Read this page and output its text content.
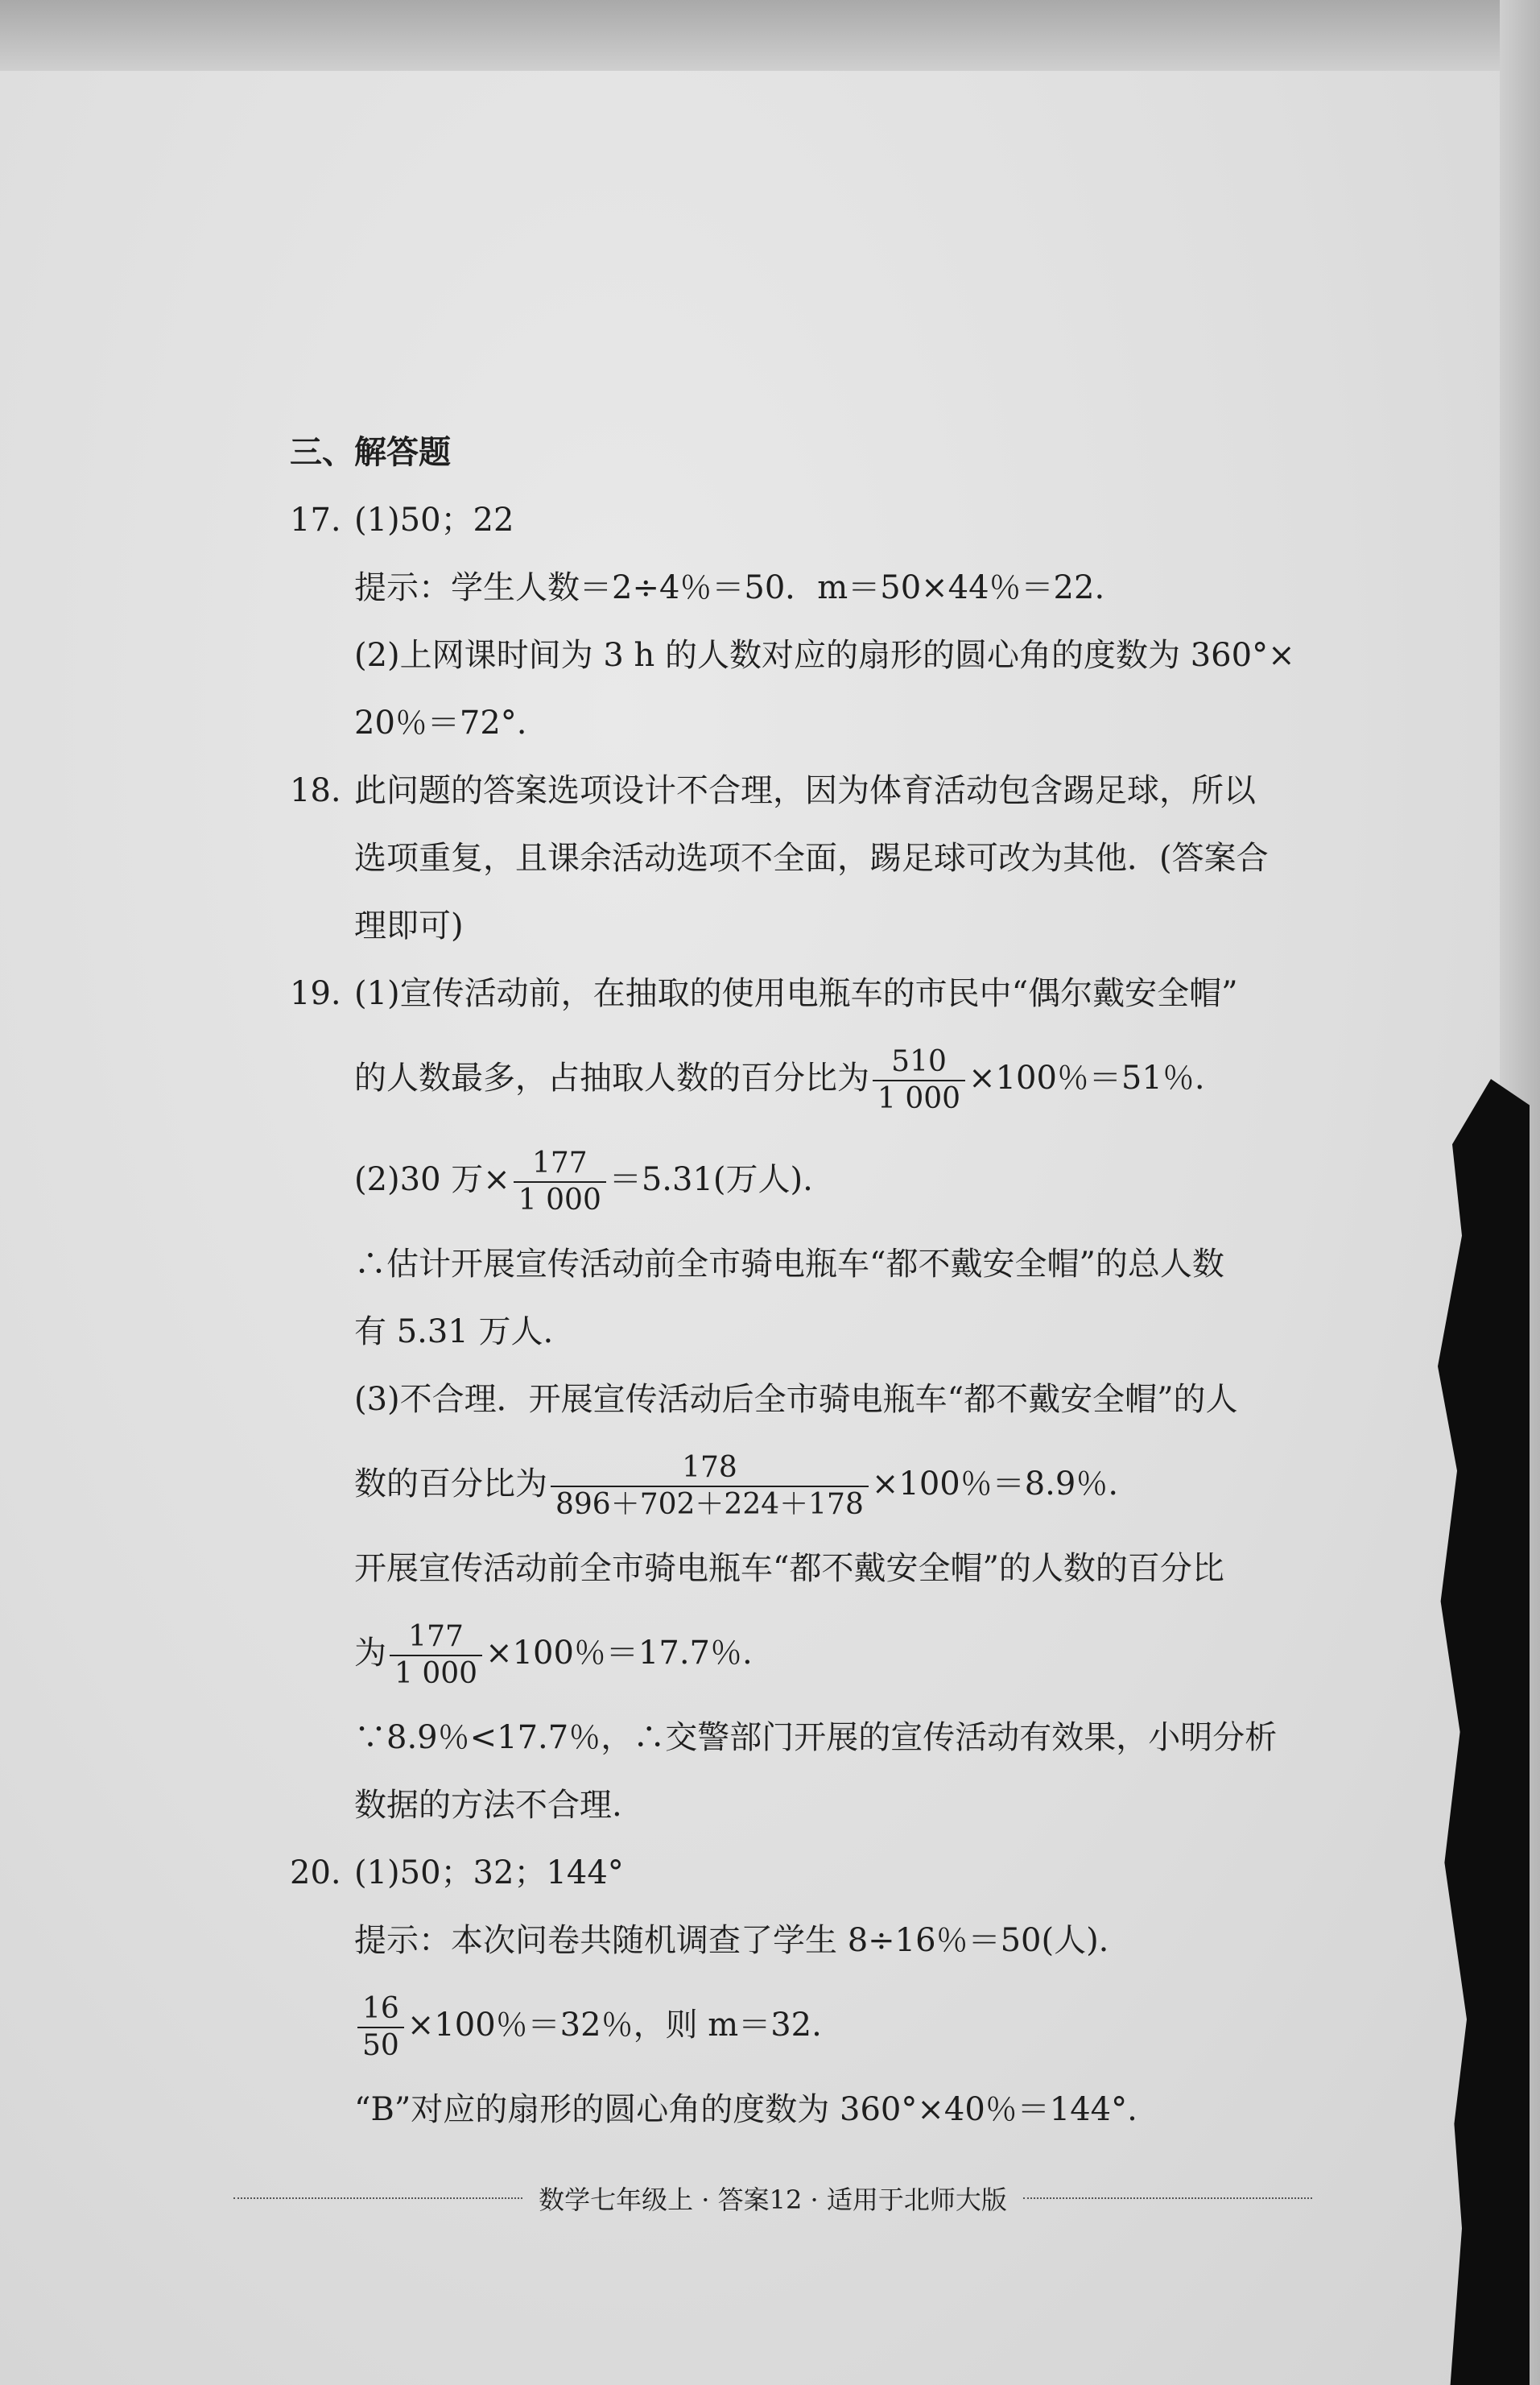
三、解答题
17. (1)50；22
提示：学生人数＝2÷4％＝50．m＝50×44％＝22.
(2)上网课时间为 3 h 的人数对应的扇形的圆心角的度数为 360°×
20％＝72°.
18. 此问题的答案选项设计不合理，因为体育活动包含踢足球，所以
选项重复，且课余活动选项不全面，踢足球可改为其他．(答案合
理即可)
19. (1)宣传活动前，在抽取的使用电瓶车的市民中“偶尔戴安全帽”
的人数最多，占抽取人数的百分比为 $\frac{510}{1 000} \times 100$％＝51％.
(2)30 万× $\frac{177}{1 000} =5.31$(万人).
∴估计开展宣传活动前全市骑电瓶车“都不戴安全帽”的总人数
有 5.31 万人.
(3)不合理．开展宣传活动后全市骑电瓶车“都不戴安全帽”的人
数的百分比为 $\frac{178}{896+702+224+178} \times 100$％＝8.9％.
开展宣传活动前全市骑电瓶车“都不戴安全帽”的人数的百分比
为 $\frac{177}{1 000} \times 100$％＝17.7％.
∵8.9％<17.7％，∴交警部门开展的宣传活动有效果，小明分析
数据的方法不合理.
20. (1)50；32；144°
提示：本次问卷共随机调查了学生 8÷16％＝50(人).
$\frac{16}{50} \times 100$％＝32％，则 m＝32.
“B”对应的扇形的圆心角的度数为 360°×40％＝144°.
数学七年级上 · 答案12 · 适用于北师大版
